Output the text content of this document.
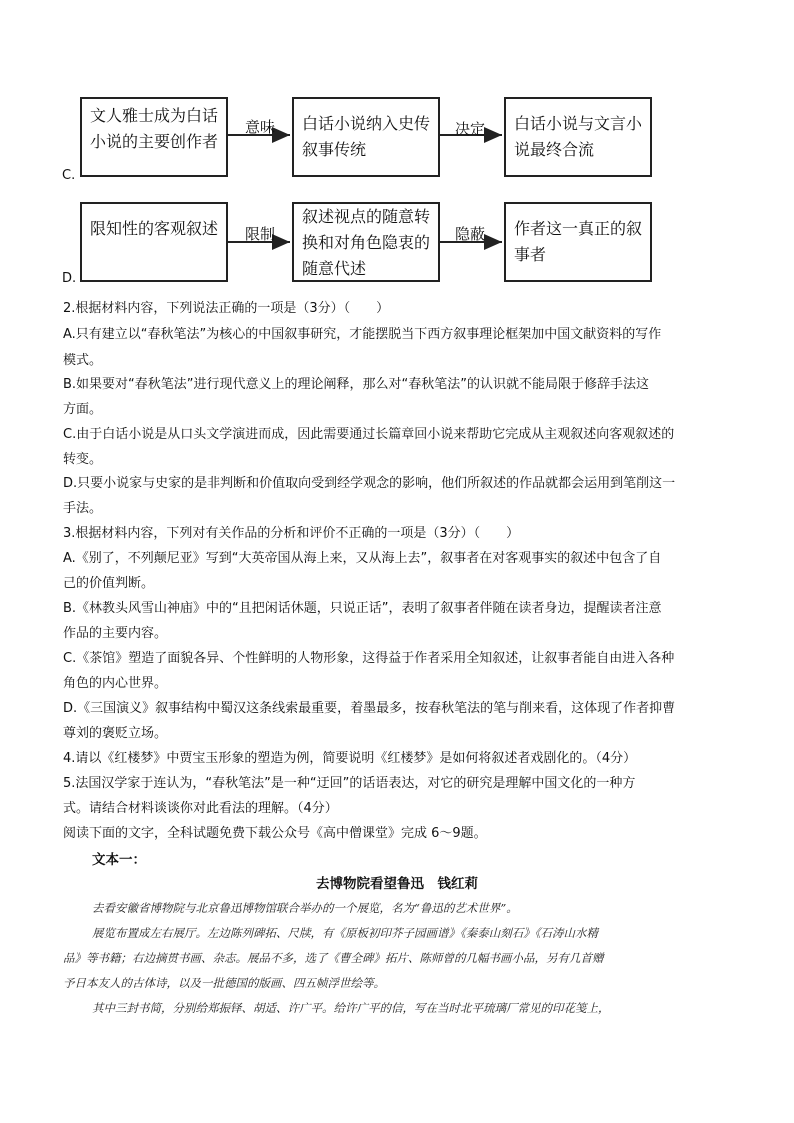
C.
文人雅士成为白话小说的主要创作者
意味	白话小说纳入史传叙事传统
决定	白话小说与文言小说最终合流
D.
限知性的客观叙述	限制
叙述视点的随意转换和对角色隐衷的随意代述
隐蔽	作者这一真正的叙事者
2.根据材料内容，下列说法正确的一项是（3分）（　　）
A.只有建立以“春秋笔法”为核心的中国叙事研究，才能摆脱当下西方叙事理论框架加中国文献资料的写作
模式。
B.如果要对“春秋笔法”进行现代意义上的理论阐释，那么对“春秋笔法”的认识就不能局限于修辞手法这
方面。
C.由于白话小说是从口头文学演进而成，因此需要通过长篇章回小说来帮助它完成从主观叙述向客观叙述的
转变。
D.只要小说家与史家的是非判断和价值取向受到经学观念的影响，他们所叙述的作品就都会运用到笔削这一
手法。
3.根据材料内容，下列对有关作品的分析和评价不正确的一项是（3分）（　　）
A.《别了，不列颠尼亚》写到“大英帝国从海上来，又从海上去”，叙事者在对客观事实的叙述中包含了自
己的价值判断。
B.《林教头风雪山神庙》中的“且把闲话休题，只说正话”，表明了叙事者伴随在读者身边，提醒读者注意
作品的主要内容。
C.《茶馆》塑造了面貌各异、个性鲜明的人物形象，这得益于作者采用全知叙述，让叙事者能自由进入各种
角色的内心世界。
D.《三国演义》叙事结构中蜀汉这条线索最重要，着墨最多，按春秋笔法的笔与削来看，这体现了作者抑曹
尊刘的褒贬立场。
4.请以《红楼梦》中贾宝玉形象的塑造为例，简要说明《红楼梦》是如何将叙述者戏剧化的。（4分）
5.法国汉学家于连认为，“春秋笔法”是一种“迂回”的话语表达，对它的研究是理解中国文化的一种方
式。请结合材料谈谈你对此看法的理解。（4分）
阅读下面的文字，全科试题免费下载公众号《高中僧课堂》完成 6～9题。
文本一：
去博物院看望鲁迅　钱红莉
去看安徽省博物院与北京鲁迅博物馆联合举办的一个展览，名为“鲁迅的艺术世界”。
展览布置成左右展厅。左边陈列碑拓、尺牍，有《原板初印芥子园画谱》《秦泰山刻石》《石涛山水精
品》等书籍；右边摘贯书画、杂志。展品不多，选了《曹全碑》拓片、陈师曾的几幅书画小品，另有几首赠
予日本友人的古体诗，以及一批德国的版画、四五帧浮世绘等。
其中三封书简，分别给郑振铎、胡适、许广平。给许广平的信，写在当时北平琉璃厂常见的印花笺上，
